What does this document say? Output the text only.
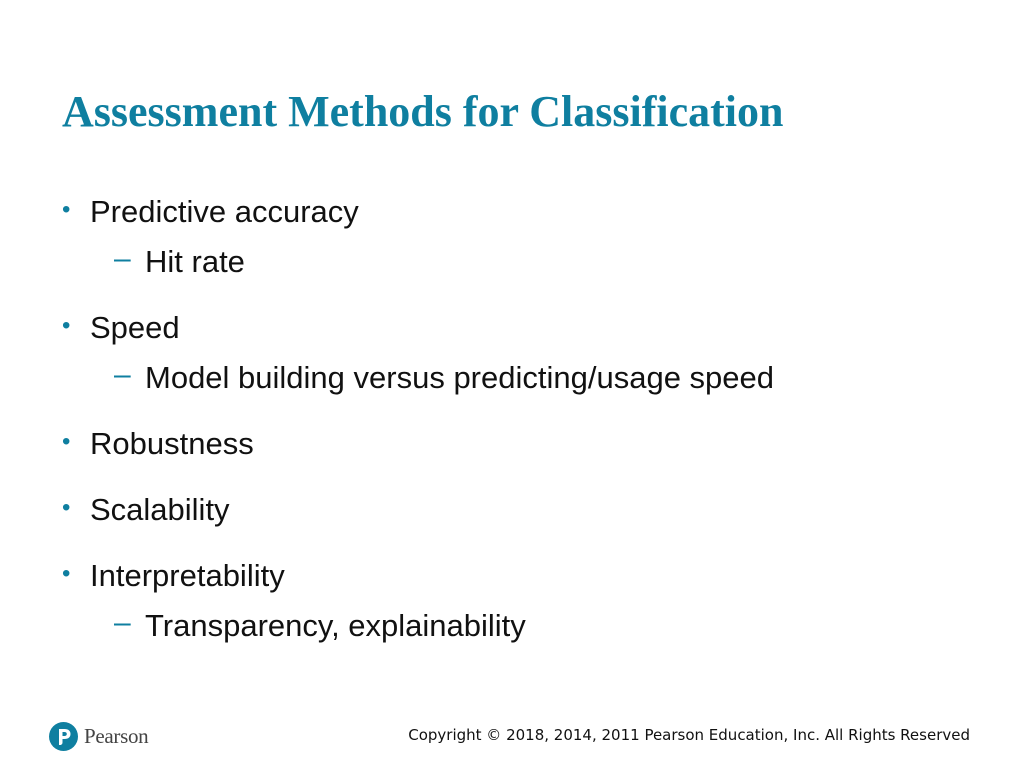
Assessment Methods for Classification
• Predictive accuracy
– Hit rate
• Speed
– Model building versus predicting/usage speed
• Robustness
• Scalability
• Interpretability
– Transparency, explainability
Pearson	Copyright © 2018, 2014, 2011 Pearson Education, Inc. All Rights Reserved
